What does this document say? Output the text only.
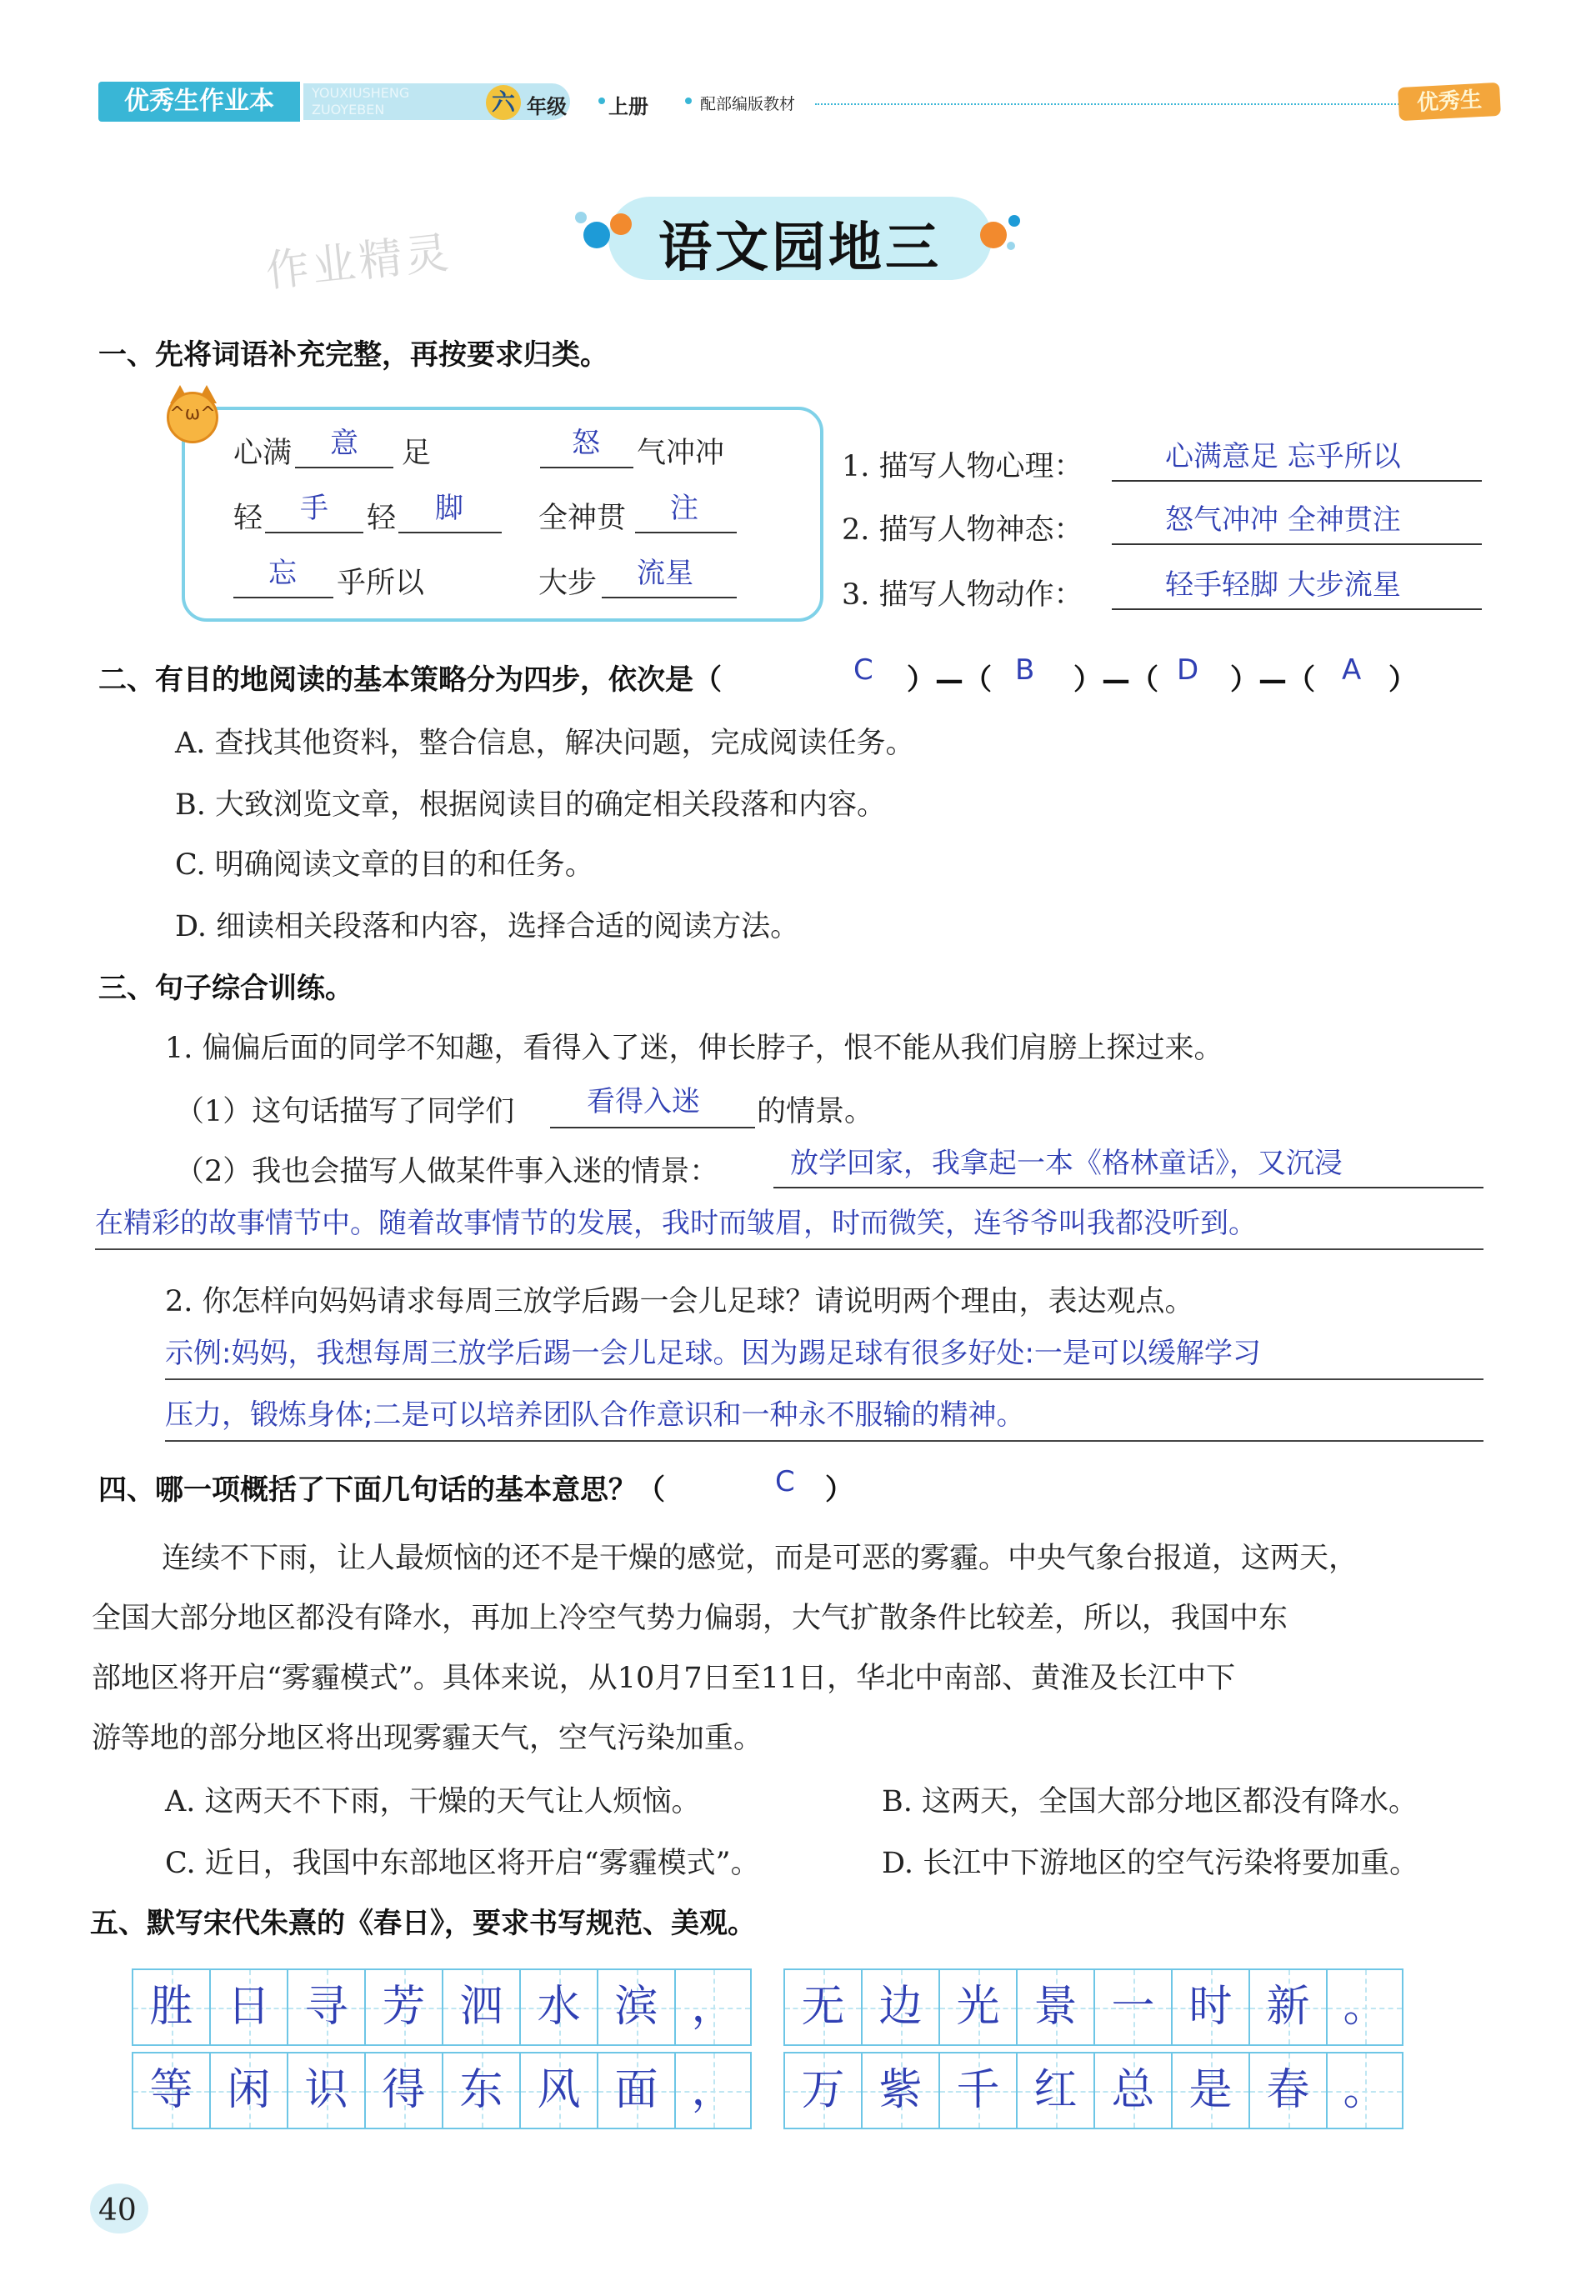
优秀生作业本	YOUXIUSHENG
ZUOYEBEN	六 年级 上册	配部编版教材	优秀生
作业精灵	语文园地三
一、先将词语补充完整，再按要求归类。
^ω^
心满 意 足	怒 气冲冲
轻 手 轻 脚	全神贯 注
忘 乎所以	大步 流星
1. 描写人物心理：	心满意足 忘乎所以
2. 描写人物神态：	怒气冲冲 全神贯注
3. 描写人物动作：	轻手轻脚 大步流星
二、有目的地阅读的基本策略分为四步，依次是（	C ）—（ B ）—（ D ）—（ A ）
A. 查找其他资料，整合信息，解决问题，完成阅读任务。
B. 大致浏览文章，根据阅读目的确定相关段落和内容。
C. 明确阅读文章的目的和任务。
D. 细读相关段落和内容，选择合适的阅读方法。
三、句子综合训练。
1. 偏偏后面的同学不知趣，看得入了迷，伸长脖子，恨不能从我们肩膀上探过来。
（1）这句话描写了同学们	看得入迷 的情景。
（2）我也会描写人做某件事入迷的情景：	放学回家，我拿起一本《格林童话》，又沉浸
在精彩的故事情节中。随着故事情节的发展，我时而皱眉，时而微笑，连爷爷叫我都没听到。
2. 你怎样向妈妈请求每周三放学后踢一会儿足球？请说明两个理由，表达观点。
示例:妈妈，我想每周三放学后踢一会儿足球。因为踢足球有很多好处:一是可以缓解学习
压力，锻炼身体;二是可以培养团队合作意识和一种永不服输的精神。
四、哪一项概括了下面几句话的基本意思？（	C ）
连续不下雨，让人最烦恼的还不是干燥的感觉，而是可恶的雾霾。中央气象台报道，这两天，
全国大部分地区都没有降水，再加上冷空气势力偏弱，大气扩散条件比较差，所以，我国中东
部地区将开启“雾霾模式”。具体来说，从10月7日至11日，华北中南部、黄淮及长江中下
游等地的部分地区将出现雾霾天气，空气污染加重。
A. 这两天不下雨，干燥的天气让人烦恼。	B. 这两天，全国大部分地区都没有降水。
C. 近日，我国中东部地区将开启“雾霾模式”。	D. 长江中下游地区的空气污染将要加重。
五、默写宋代朱熹的《春日》，要求书写规范、美观。
胜 日 寻 芳 泗 水 滨 ，	无 边 光 景 一 时 新 。
等 闲 识 得 东 风 面 ，	万 紫 千 红 总 是 春 。
40
